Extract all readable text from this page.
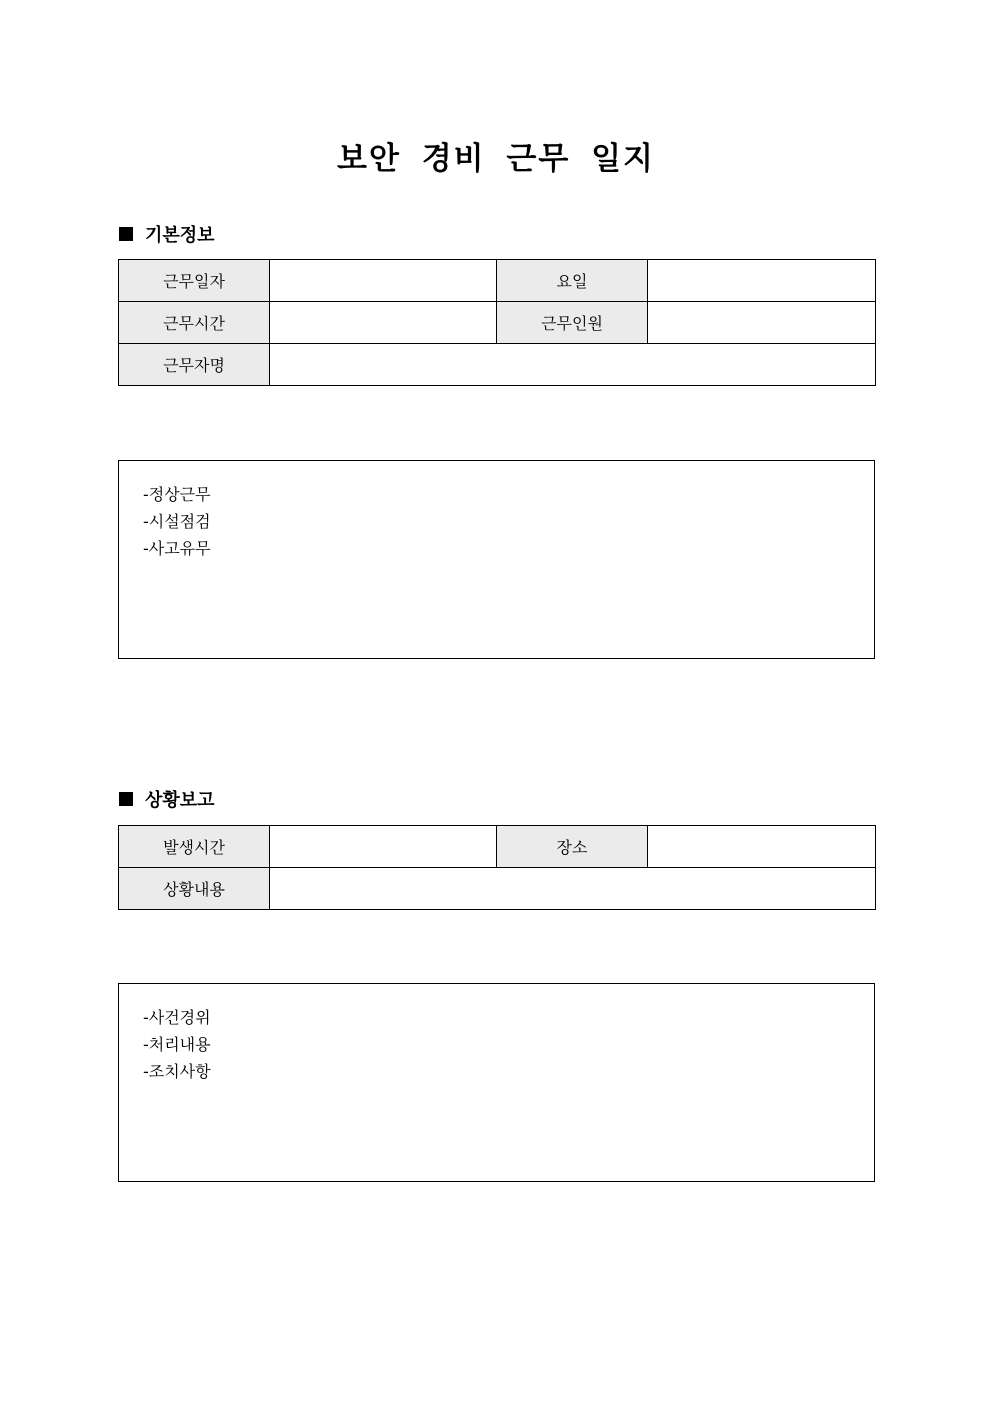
보안 경비 근무 일지
기본정보
근무일자		요일	
근무시간		근무인원	
근무자명			
-정상근무
-시설점검
-사고유무
상황보고
발생시간		장소	
상황내용			
-사건경위
-처리내용
-조치사항
